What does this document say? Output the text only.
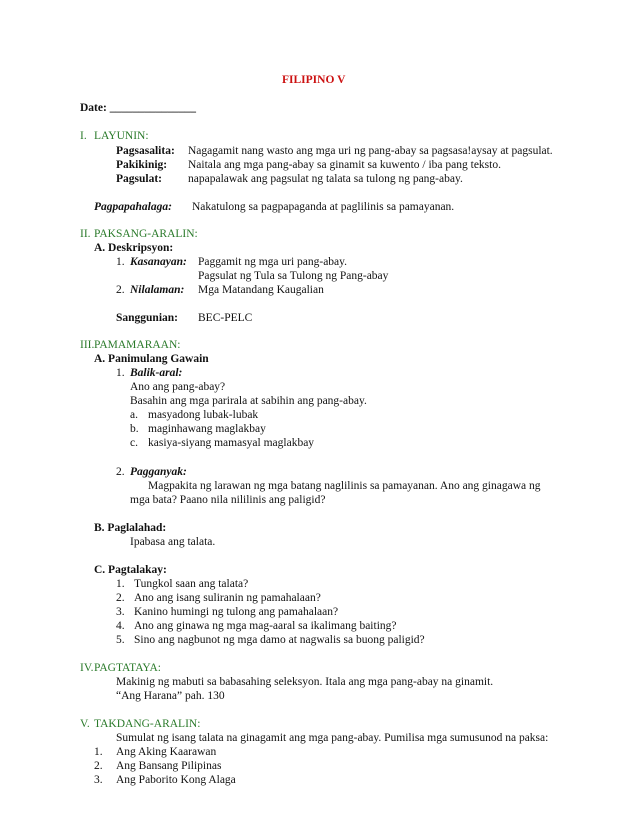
FILIPINO V
Date: _______________
I. LAYUNIN:
Pagsasalita: Nagagamit nang wasto ang mga uri ng pang-abay sa pagsasa!aysay at pagsulat.
Pakikinig: Naitala ang mga pang-abay sa ginamit sa kuwento / iba pang teksto.
Pagsulat: napapalawak ang pagsulat ng talata sa tulong ng pang-abay.
Pagpapahalaga: Nakatulong sa pagpapaganda at paglilinis sa pamayanan.
II. PAKSANG-ARALIN:
A. Deskripsyon:
1. Kasanayan: Paggamit ng mga uri pang-abay.
Pagsulat ng Tula sa Tulong ng Pang-abay
2. Nilalaman: Mga Matandang Kaugalian
Sanggunian: BEC-PELC
III. PAMAMARAAN:
A. Panimulang Gawain
1. Balik-aral:
Ano ang pang-abay?
Basahin ang mga parirala at sabihin ang pang-abay.
a. masyadong lubak-lubak
b. maginhawang maglakbay
c. kasiya-siyang mamasyal maglakbay
2. Pagganyak:
Magpakita ng larawan ng mga batang naglilinis sa pamayanan. Ano ang ginagawa ng
mga bata? Paano nila nililinis ang paligid?
B. Paglalahad:
Ipabasa ang talata.
C. Pagtalakay:
1. Tungkol saan ang talata?
2. Ano ang isang suliranin ng pamahalaan?
3. Kanino humingi ng tulong ang pamahalaan?
4. Ano ang ginawa ng mga mag-aaral sa ikalimang baiting?
5. Sino ang nagbunot ng mga damo at nagwalis sa buong paligid?
IV. PAGTATAYA:
Makinig ng mabuti sa babasahing seleksyon. Itala ang mga pang-abay na ginamit.
“Ang Harana” pah. 130
V. TAKDANG-ARALIN:
Sumulat ng isang talata na ginagamit ang mga pang-abay. Pumilisa mga sumusunod na paksa:
1. Ang Aking Kaarawan
2. Ang Bansang Pilipinas
3. Ang Paborito Kong Alaga
